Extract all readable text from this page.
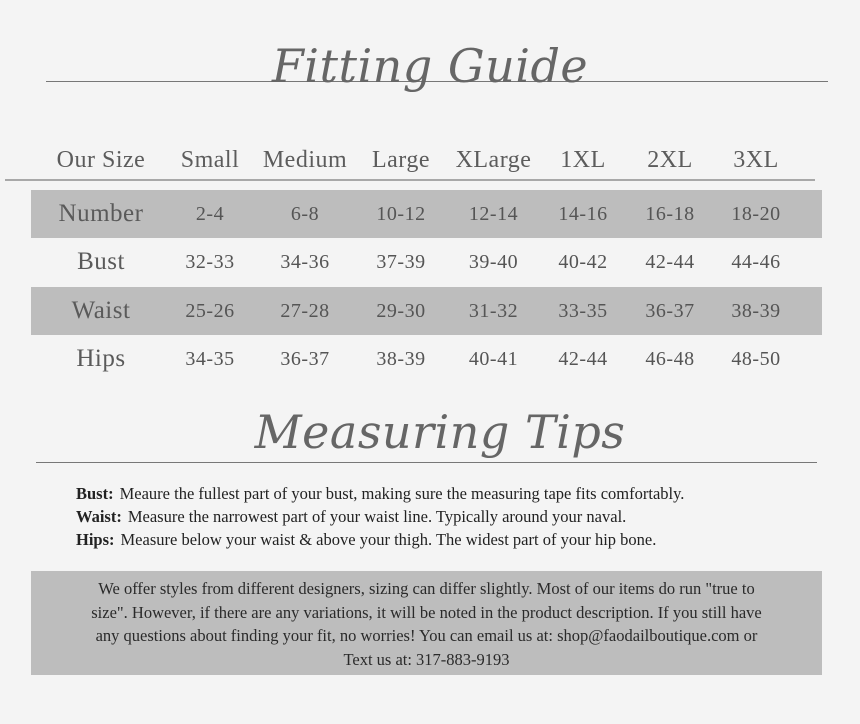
Fitting Guide
Our Size	Small Medium	Large	XLarge	1XL	2XL	3XL
Number	2-4	6-8	10-12	12-14	14-16	16-18	18-20
Bust	32-33	34-36	37-39	39-40	40-42	42-44	44-46
Waist	25-26	27-28	29-30	31-32	33-35	36-37	38-39
Hips	34-35	36-37	38-39	40-41	42-44	46-48	48-50
Measuring Tips
Bust: Meaure the fullest part of your bust, making sure the measuring tape fits comfortably.
Waist: Measure the narrowest part of your waist line. Typically around your naval.
Hips: Measure below your waist & above your thigh. The widest part of your hip bone.
We offer styles from different designers, sizing can differ slightly. Most of our items do run "true to
size". However, if there are any variations, it will be noted in the product description. If you still have
any questions about finding your fit, no worries! You can email us at: shop@faodailboutique.com or
Text us at: 317-883-9193
